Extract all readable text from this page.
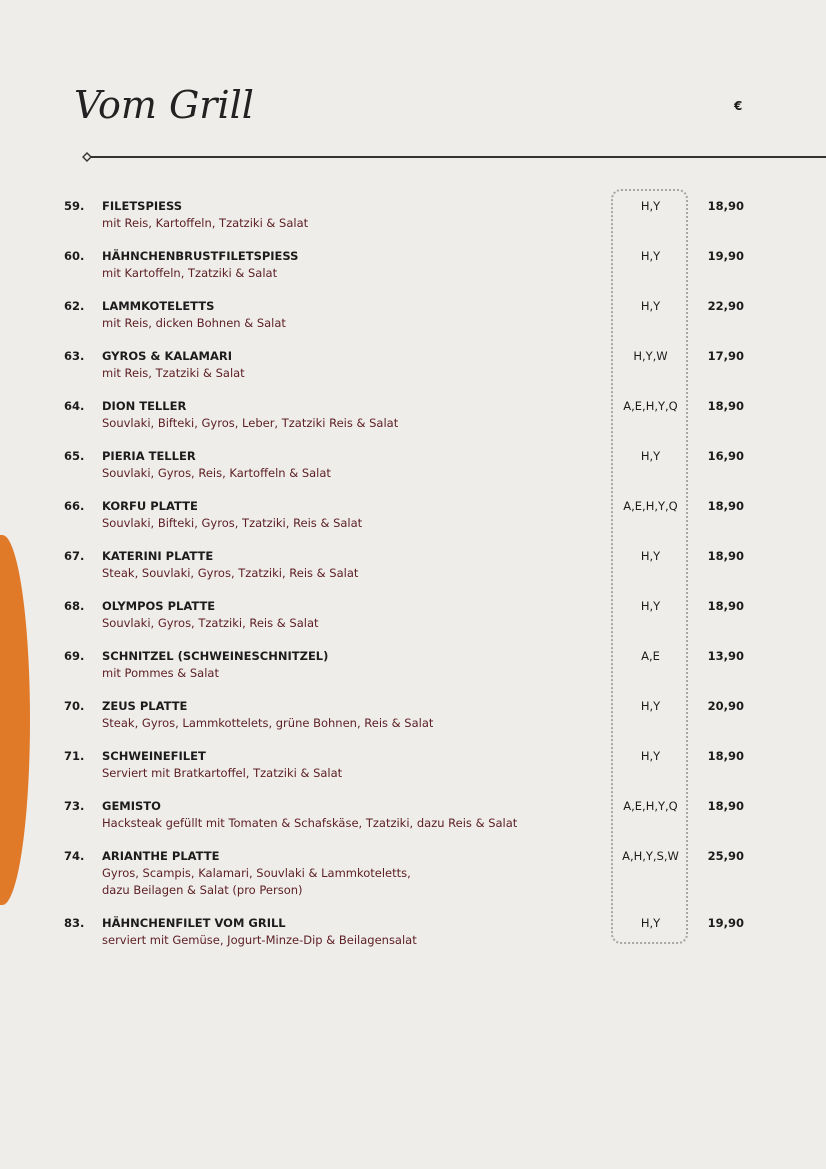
Vom Grill	€
59. FILETSPIESS
mit Reis, Kartoffeln, Tzatziki & Salat
H,Y	18,90
60. HÄHNCHENBRUSTFILETSPIESS
mit Kartoffeln, Tzatziki & Salat
H,Y	19,90
62. LAMMKOTELETTS
mit Reis, dicken Bohnen & Salat
H,Y	22,90
63. GYROS & KALAMARI
mit Reis, Tzatziki & Salat
H,Y,W	17,90
64. DION TELLER
Souvlaki, Bifteki, Gyros, Leber, Tzatziki Reis & Salat
A,E,H,Y,Q	18,90
65. PIERIA TELLER
Souvlaki, Gyros, Reis, Kartoffeln & Salat
H,Y	16,90
66. KORFU PLATTE
Souvlaki, Bifteki, Gyros, Tzatziki, Reis & Salat
A,E,H,Y,Q	18,90
67. KATERINI PLATTE
Steak, Souvlaki, Gyros, Tzatziki, Reis & Salat
H,Y	18,90
68. OLYMPOS PLATTE
Souvlaki, Gyros, Tzatziki, Reis & Salat
H,Y	18,90
69. SCHNITZEL (SCHWEINESCHNITZEL)
mit Pommes & Salat
A,E	13,90
70. ZEUS PLATTE
Steak, Gyros, Lammkottelets, grüne Bohnen, Reis & Salat
H,Y	20,90
71. SCHWEINEFILET
Serviert mit Bratkartoffel, Tzatziki & Salat
H,Y	18,90
73. GEMISTO
Hacksteak gefüllt mit Tomaten & Schafskäse, Tzatziki, dazu Reis & Salat
A,E,H,Y,Q	18,90
74. ARIANTHE PLATTE
Gyros, Scampis, Kalamari, Souvlaki & Lammkoteletts,
dazu Beilagen & Salat (pro Person)
A,H,Y,S,W	25,90
83. HÄHNCHENFILET VOM GRILL
serviert mit Gemüse, Jogurt-Minze-Dip & Beilagensalat
H,Y	19,90
